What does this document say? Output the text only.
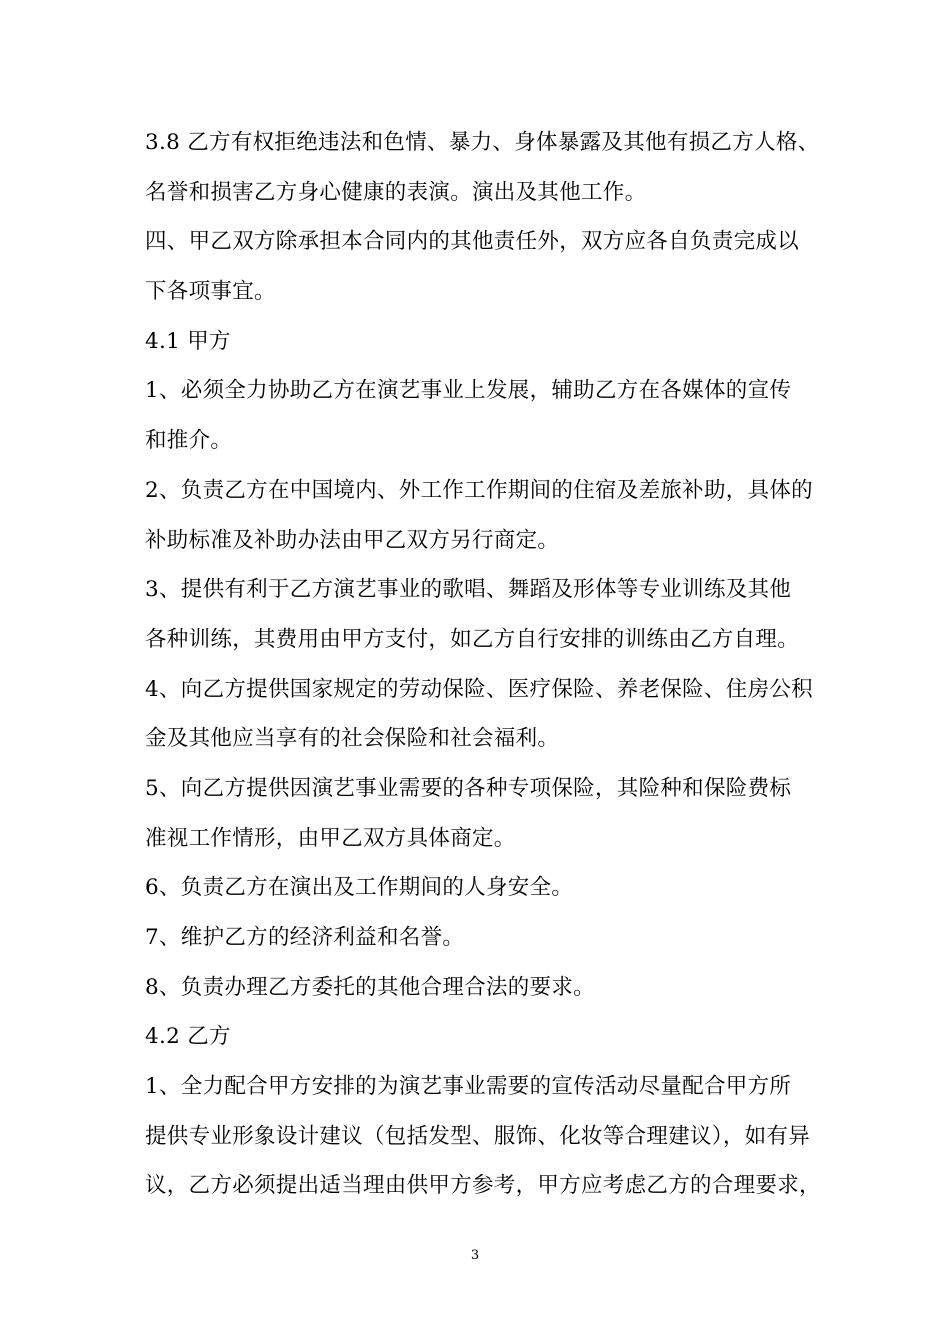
3.8 乙方有权拒绝违法和色情、暴力、身体暴露及其他有损乙方人格、
名誉和损害乙方身心健康的表演。演出及其他工作。
四、甲乙双方除承担本合同内的其他责任外，双方应各自负责完成以
下各项事宜。
4.1 甲方
1、必须全力协助乙方在演艺事业上发展，辅助乙方在各媒体的宣传
和推介。
2、负责乙方在中国境内、外工作工作期间的住宿及差旅补助，具体的
补助标准及补助办法由甲乙双方另行商定。
3、提供有利于乙方演艺事业的歌唱、舞蹈及形体等专业训练及其他
各种训练，其费用由甲方支付，如乙方自行安排的训练由乙方自理。
4、向乙方提供国家规定的劳动保险、医疗保险、养老保险、住房公积
金及其他应当享有的社会保险和社会福利。
5、向乙方提供因演艺事业需要的各种专项保险，其险种和保险费标
准视工作情形，由甲乙双方具体商定。
6、负责乙方在演出及工作期间的人身安全。
7、维护乙方的经济利益和名誉。
8、负责办理乙方委托的其他合理合法的要求。
4.2 乙方
1、全力配合甲方安排的为演艺事业需要的宣传活动尽量配合甲方所
提供专业形象设计建议（包括发型、服饰、化妆等合理建议），如有异
议，乙方必须提出适当理由供甲方参考，甲方应考虑乙方的合理要求，
3
